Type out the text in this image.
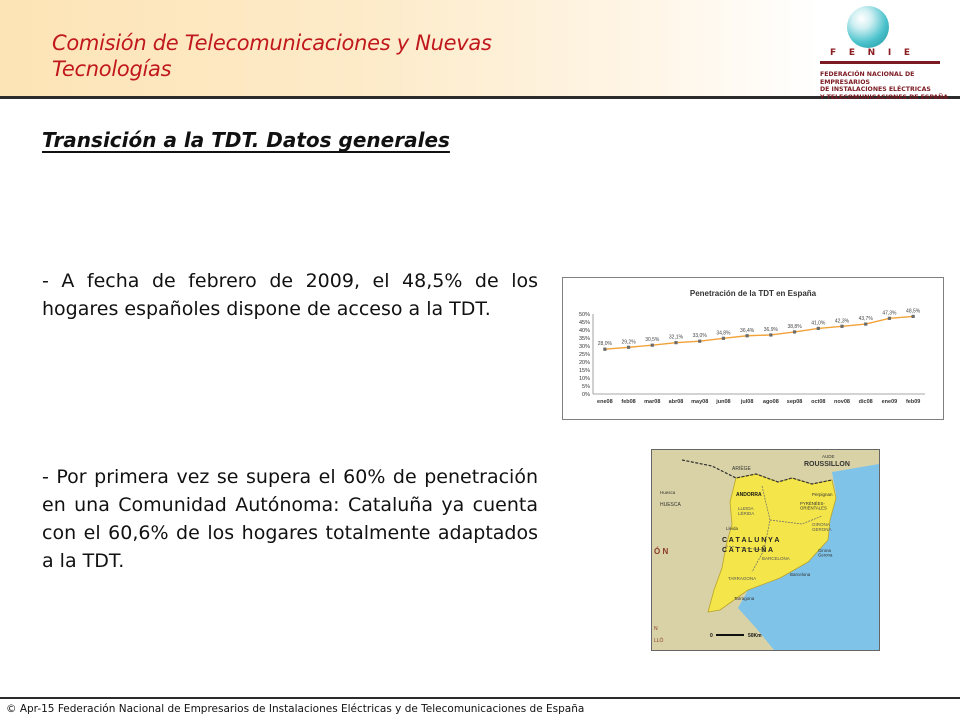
Comisión de Telecomunicaciones y Nuevas Tecnologías
F E N I E
FEDERACIÓN NACIONAL DE EMPRESARIOS
DE INSTALACIONES ELÉCTRICAS
Y TELECOMUNICACIONES DE ESPAÑA
Transición a la TDT. Datos generales
- A fecha de febrero de 2009, el 48,5% de los hogares españoles dispone de acceso a la TDT.
- Por primera vez se supera el 60% de penetración en una Comunidad Autónoma: Cataluña ya cuenta con el 60,6% de los hogares totalmente adaptados a la TDT.
Penetración de la TDT en España
50%
45%
40%
35%
30%
25%
20%
15%
10%
5%
0%
ene08 feb08 mar08 abr08 may08 jun08 jul08 ago08 sep08 oct08 nov08 dic08 ene09 feb09
28,0% 29,2% 30,5% 32,1% 33,0% 34,8% 36,4% 36,9%
38,8%
41,0% 42,3% 43,7%
47,3% 48,5%
ROUSSILLON
AUDE
ARIÈGE
ANDORRA	Perpignan
PYRÉNÉES-ORIENTALES
Huesca
HUESCA
LLEIDA LÉRIDA
Lleida
C A T A L U N Y A
C A T A L U Ñ A
GIRONA GERONA
Girona Gerona
BARCELONA
Barcelona
TARRAGONA
Tarragona
Ó N
LLÓ
N
0	50Km
© Apr-15 Federación Nacional de Empresarios de Instalaciones Eléctricas y de Telecomunicaciones de España
